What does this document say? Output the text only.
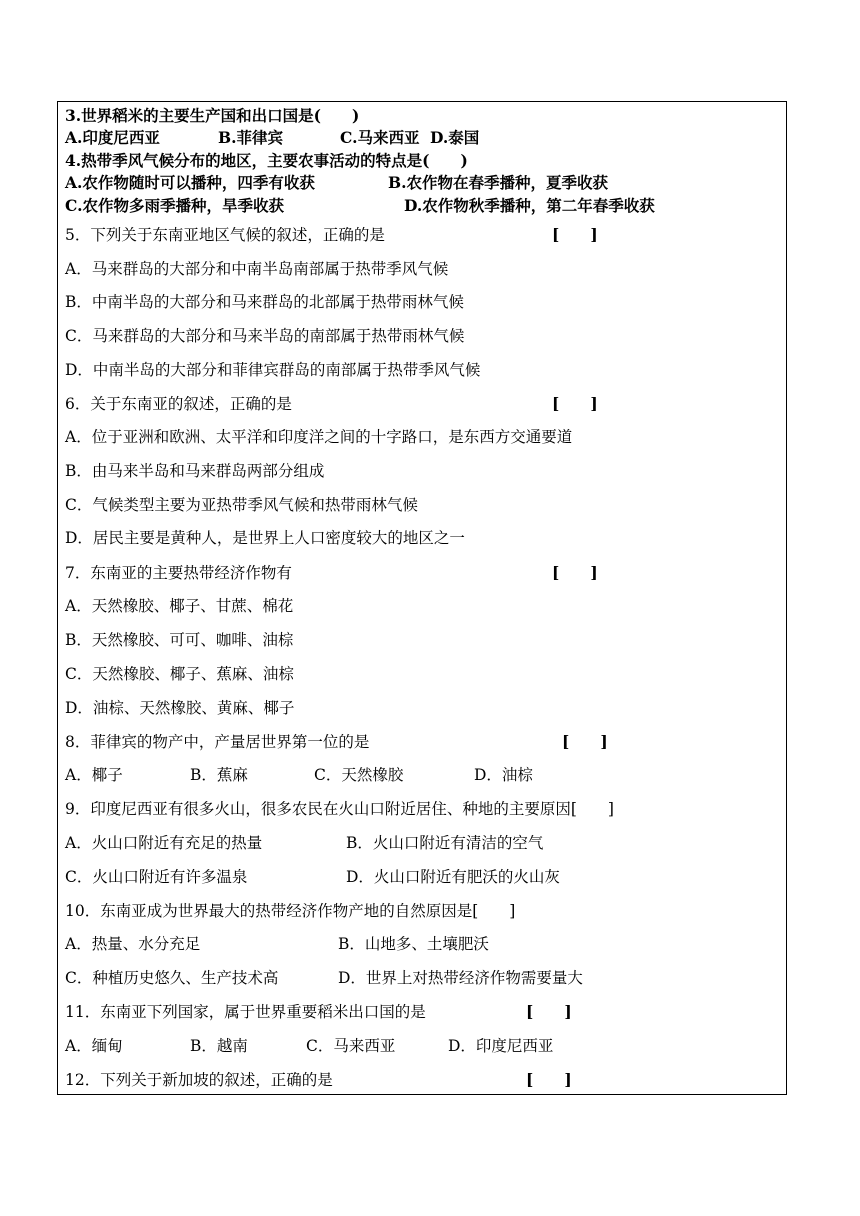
3.世界稻米的主要生产国和出口国是(　　)
A.印度尼西亚	B.菲律宾	C.马来西亚 D.泰国
4.热带季风气候分布的地区，主要农事活动的特点是(　　)
A.农作物随时可以播种，四季有收获	B.农作物在春季播种，夏季收获
C.农作物多雨季播种，旱季收获	D.农作物秋季播种，第二年春季收获
5．下列关于东南亚地区气候的叙述，正确的是	[　　]
A．马来群岛的大部分和中南半岛南部属于热带季风气候
B．中南半岛的大部分和马来群岛的北部属于热带雨林气候
C．马来群岛的大部分和马来半岛的南部属于热带雨林气候
D．中南半岛的大部分和菲律宾群岛的南部属于热带季风气候
6．关于东南亚的叙述，正确的是	[　　]
A．位于亚洲和欧洲、太平洋和印度洋之间的十字路口，是东西方交通要道
B．由马来半岛和马来群岛两部分组成
C．气候类型主要为亚热带季风气候和热带雨林气候
D．居民主要是黄种人，是世界上人口密度较大的地区之一
7．东南亚的主要热带经济作物有	[　　]
A．天然橡胶、椰子、甘蔗、棉花
B．天然橡胶、可可、咖啡、油棕
C．天然橡胶、椰子、蕉麻、油棕
D．油棕、天然橡胶、黄麻、椰子
8．菲律宾的物产中，产量居世界第一位的是	[　　]
A．椰子	B．蕉麻	C．天然橡胶	D．油棕
9．印度尼西亚有很多火山，很多农民在火山口附近居住、种地的主要原因[　　]
A．火山口附近有充足的热量	B．火山口附近有清洁的空气
C．火山口附近有许多温泉	D．火山口附近有肥沃的火山灰
10．东南亚成为世界最大的热带经济作物产地的自然原因是[　　]
A．热量、水分充足	B．山地多、土壤肥沃
C．种植历史悠久、生产技术高	D．世界上对热带经济作物需要量大
11．东南亚下列国家，属于世界重要稻米出口国的是	[　　]
A．缅甸	B．越南	C．马来西亚	D．印度尼西亚
12．下列关于新加坡的叙述，正确的是	[　　]
